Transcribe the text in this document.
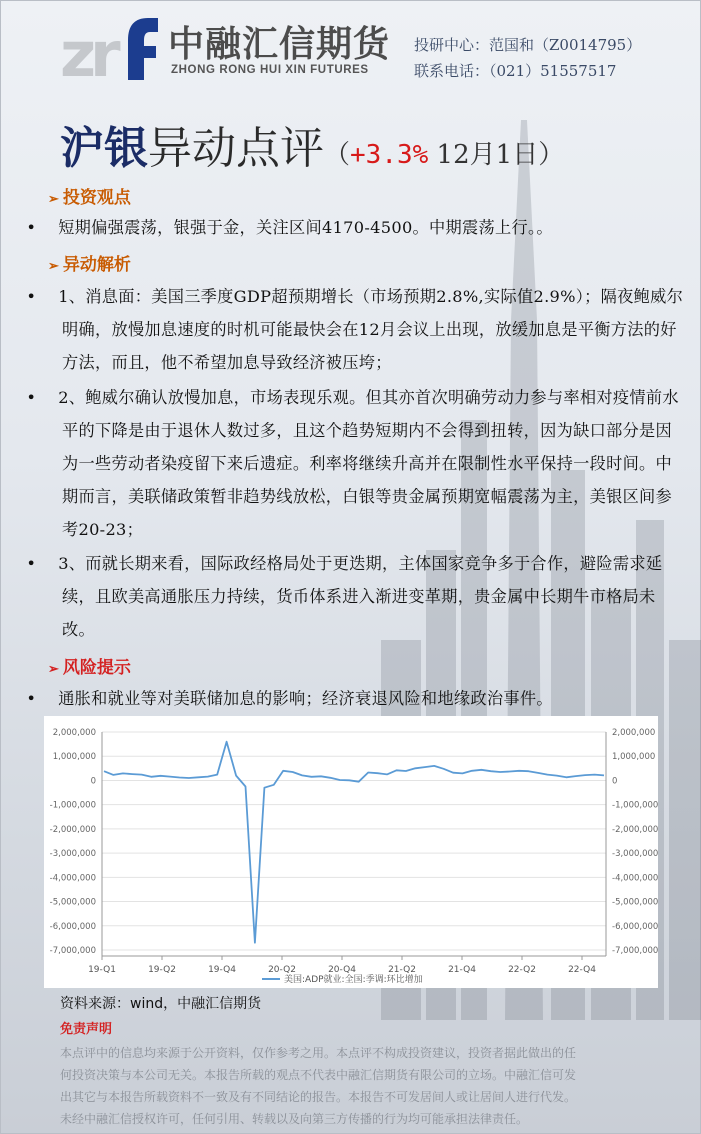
z
r 中融汇信期货
ZHONG RONG HUI XIN FUTURES
投研中心：范国和（Z0014795）
联系电话：（021）51557517
沪银异动点评（+3.3% 12月1日）
➢ 投资观点
• 短期偏强震荡，银强于金，关注区间4170-4500。中期震荡上行。。
➢ 异动解析
• 1、消息面：美国三季度GDP超预期增长（市场预期2.8%,实际值2.9%）；隔夜鲍威尔明确，放慢加息速度的时机可能最快会在12月会议上出现，放缓加息是平衡方法的好方法，而且，他不希望加息导致经济被压垮；
• 2、鲍威尔确认放慢加息，市场表现乐观。但其亦首次明确劳动力参与率相对疫情前水平的下降是由于退休人数过多，且这个趋势短期内不会得到扭转，因为缺口部分是因为一些劳动者染疫留下来后遗症。利率将继续升高并在限制性水平保持一段时间。中期而言，美联储政策暂非趋势线放松，白银等贵金属预期宽幅震荡为主，美银区间参考20-23；
• 3、而就长期来看，国际政经格局处于更迭期，主体国家竞争多于合作，避险需求延续，且欧美高通胀压力持续，货币体系进入渐进变革期，贵金属中长期牛市格局未改。
➢ 风险提示
• 通胀和就业等对美联储加息的影响；经济衰退风险和地缘政治事件。
2,000,000	2,000,000
1,000,000	1,000,000
0	0
-1,000,000	-1,000,000
-2,000,000	-2,000,000
-3,000,000	-3,000,000
-4,000,000	-4,000,000
-5,000,000	-5,000,000
-6,000,000	-6,000,000
-7,000,000	-7,000,000
19-Q1	19-Q2	19-Q4	20-Q2	20-Q4	21-Q2	21-Q4	22-Q2	22-Q4
美国:ADP就业:全国:季调:环比增加
资料来源：wind，中融汇信期货
免责声明
本点评中的信息均来源于公开资料，仅作参考之用。本点评不构成投资建议，投资者据此做出的任
何投资决策与本公司无关。本报告所载的观点不代表中融汇信期货有限公司的立场。中融汇信可发
出其它与本报告所载资料不一致及有不同结论的报告。本报告不可发居间人或让居间人进行代发。
未经中融汇信授权许可，任何引用、转载以及向第三方传播的行为均可能承担法律责任。
